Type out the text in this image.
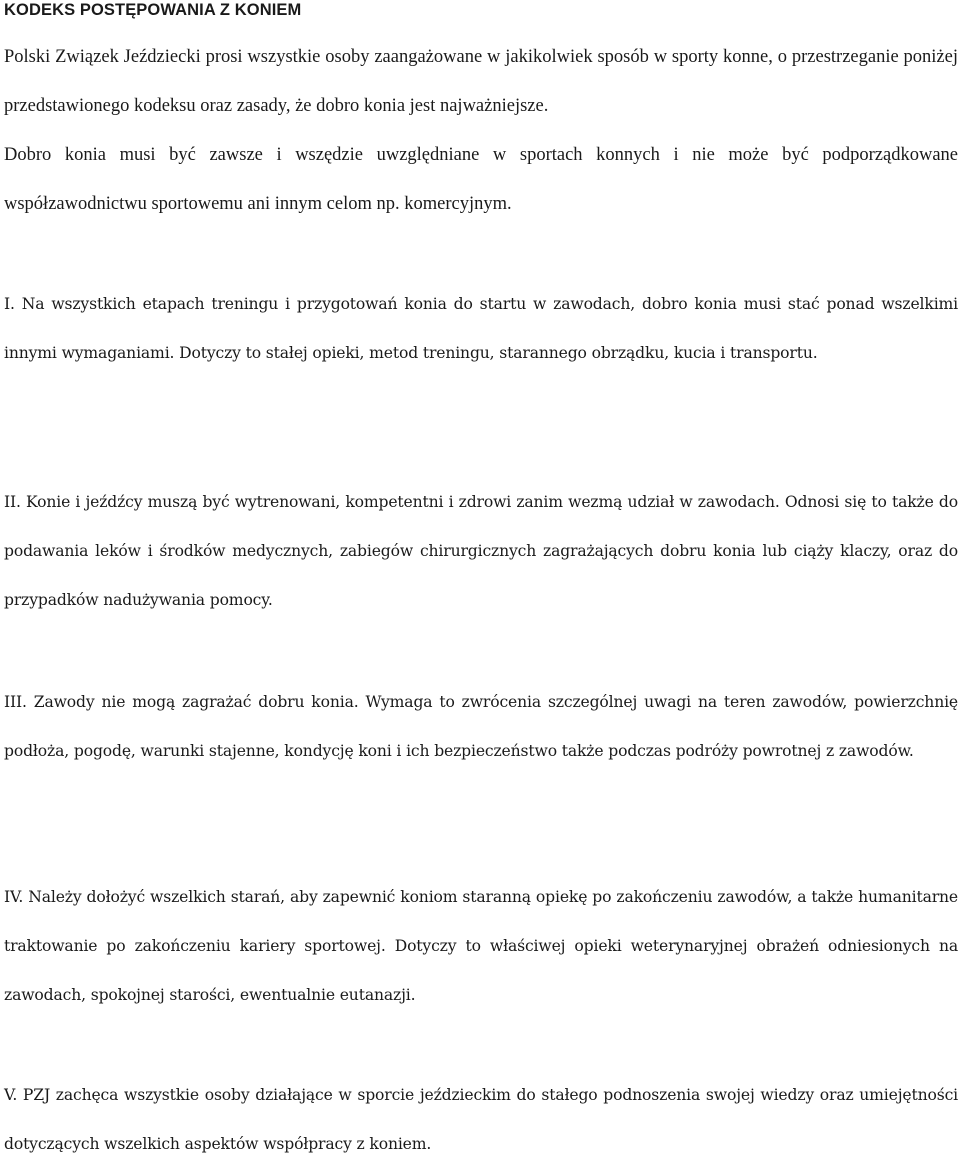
KODEKS POSTĘPOWANIA Z KONIEM

Polski Związek Jeździecki prosi wszystkie osoby zaangażowane w jakikolwiek sposób w sporty konne, o przestrzeganie poniżej przedstawionego kodeksu oraz zasady, że dobro konia jest najważniejsze.

Dobro konia musi być zawsze i wszędzie uwzględniane w sportach konnych i nie może być podporządkowane współzawodnictwu sportowemu ani innym celom np. komercyjnym.

I. Na wszystkich etapach treningu i przygotowań konia do startu w zawodach, dobro konia musi stać ponad wszelkimi innymi wymaganiami. Dotyczy to stałej opieki, metod treningu, starannego obrządku, kucia i transportu.

II. Konie i jeźdźcy muszą być wytrenowani, kompetentni i zdrowi zanim wezmą udział w zawodach. Odnosi się to także do podawania leków i środków medycznych, zabiegów chirurgicznych zagrażających dobru konia lub ciąży klaczy, oraz do przypadków nadużywania pomocy.

III. Zawody nie mogą zagrażać dobru konia. Wymaga to zwrócenia szczególnej uwagi na teren zawodów, powierzchnię podłoża, pogodę, warunki stajenne, kondycję koni i ich bezpieczeństwo także podczas podróży powrotnej z zawodów.

IV. Należy dołożyć wszelkich starań, aby zapewnić koniom staranną opiekę po zakończeniu zawodów, a także humanitarne traktowanie po zakończeniu kariery sportowej. Dotyczy to właściwej opieki weterynaryjnej obrażeń odniesionych na zawodach, spokojnej starości, ewentualnie eutanazji.

V. PZJ zachęca wszystkie osoby działające w sporcie jeździeckim do stałego podnoszenia swojej wiedzy oraz umiejętności dotyczących wszelkich aspektów współpracy z koniem.
